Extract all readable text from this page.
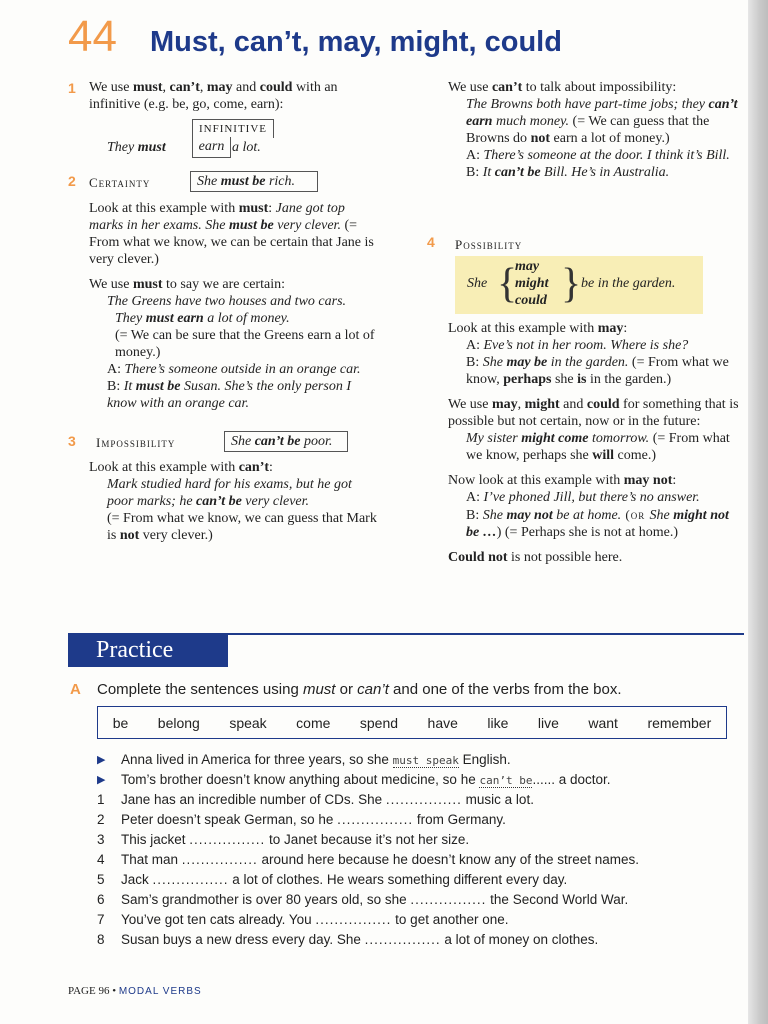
44 Must, can’t, may, might, could
1 We use must, can’t, may and could with an infinitive (e.g. be, go, come, earn):

INFINITIVE
They must	earn a lot.
2 Certainty	She must be rich.

Look at this example with must: Jane got top marks in her exams. She must be very clever. (= From what we know, we can be certain that Jane is very clever.)

We use must to say we are certain:

The Greens have two houses and two cars.

They must earn a lot of money.

(= We can be sure that the Greens earn a lot of money.)

A: There’s someone outside in an orange car.

B: It must be Susan. She’s the only person I know with an orange car.

3 Impossibility	She can’t be poor.

Look at this example with can’t:

Mark studied hard for his exams, but he got poor marks; he can’t be very clever.

(= From what we know, we can guess that Mark is not very clever.)

We use can’t to talk about impossibility:

The Browns both have part-time jobs; they can’t earn much money. (= We can guess that the Browns do not earn a lot of money.)

A: There’s someone at the door. I think it’s Bill.

B: It can’t be Bill. He’s in Australia.

4 Possibility
She {
may
might
could } be in the garden.

Look at this example with may:

A: Eve’s not in her room. Where is she?

B: She may be in the garden. (= From what we know, perhaps she is in the garden.)

We use may, might and could for something that is possible but not certain, now or in the future:

My sister might come tomorrow. (= From what we know, perhaps she will come.)

Now look at this example with may not:

A: I’ve phoned Jill, but there’s no answer.

B: She may not be at home. (or She might not be …) (= Perhaps she is not at home.)

Could not is not possible here.

Practice
A Complete the sentences using must or can’t and one of the verbs from the box.
be belong speak come spend have like live want remember
▶	Anna lived in America for three years, so she must speak English.
▶	Tom’s brother doesn’t know anything about medicine, so he can’t be...... a doctor.
1	Jane has an incredible number of CDs. She ................ music a lot.
2	Peter doesn’t speak German, so he ................ from Germany.
3	This jacket ................ to Janet because it’s not her size.
4	That man ................ around here because he doesn’t know any of the street names.
5	Jack ................ a lot of clothes. He wears something different every day.
6	Sam’s grandmother is over 80 years old, so she ................ the Second World War.
7	You’ve got ten cats already. You ................ to get another one.
8	Susan buys a new dress every day. She ................ a lot of money on clothes.
PAGE 96 • MODAL VERBS
